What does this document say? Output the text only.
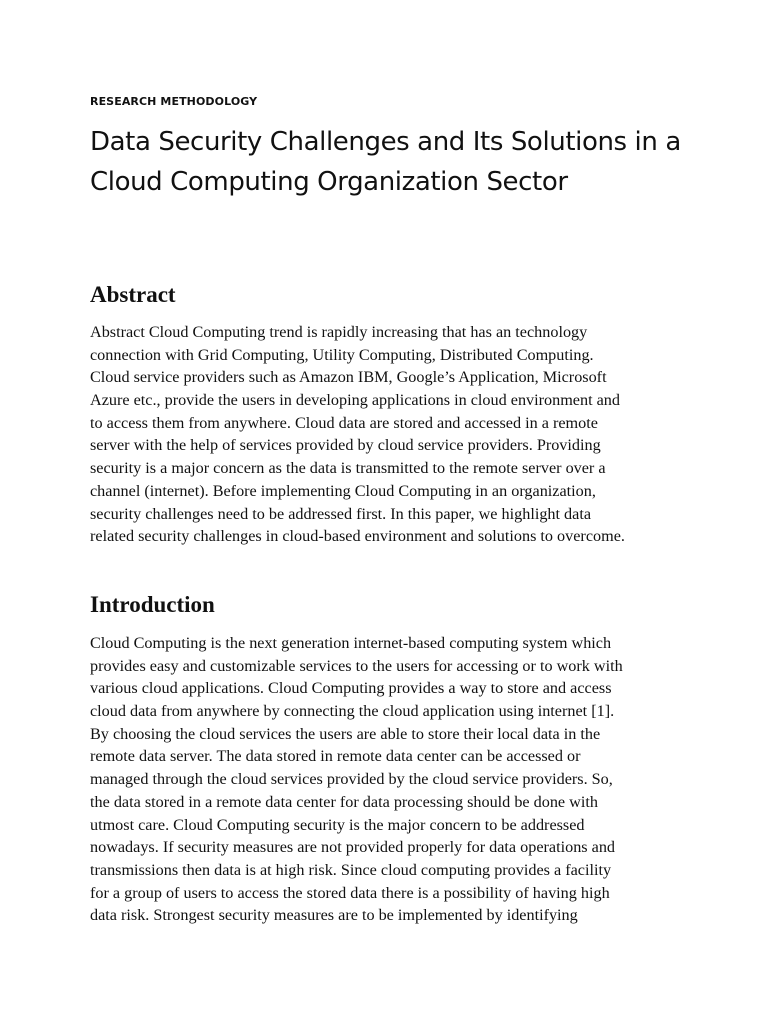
RESEARCH METHODOLOGY
Data Security Challenges and Its Solutions in a
Cloud Computing Organization Sector
Abstract
Abstract Cloud Computing trend is rapidly increasing that has an technology
connection with Grid Computing, Utility Computing, Distributed Computing.
Cloud service providers such as Amazon IBM, Google’s Application, Microsoft
Azure etc., provide the users in developing applications in cloud environment and
to access them from anywhere. Cloud data are stored and accessed in a remote
server with the help of services provided by cloud service providers. Providing
security is a major concern as the data is transmitted to the remote server over a
channel (internet). Before implementing Cloud Computing in an organization,
security challenges need to be addressed first. In this paper, we highlight data
related security challenges in cloud-based environment and solutions to overcome.
Introduction
Cloud Computing is the next generation internet-based computing system which
provides easy and customizable services to the users for accessing or to work with
various cloud applications. Cloud Computing provides a way to store and access
cloud data from anywhere by connecting the cloud application using internet [1].
By choosing the cloud services the users are able to store their local data in the
remote data server. The data stored in remote data center can be accessed or
managed through the cloud services provided by the cloud service providers. So,
the data stored in a remote data center for data processing should be done with
utmost care. Cloud Computing security is the major concern to be addressed
nowadays. If security measures are not provided properly for data operations and
transmissions then data is at high risk. Since cloud computing provides a facility
for a group of users to access the stored data there is a possibility of having high
data risk. Strongest security measures are to be implemented by identifying
